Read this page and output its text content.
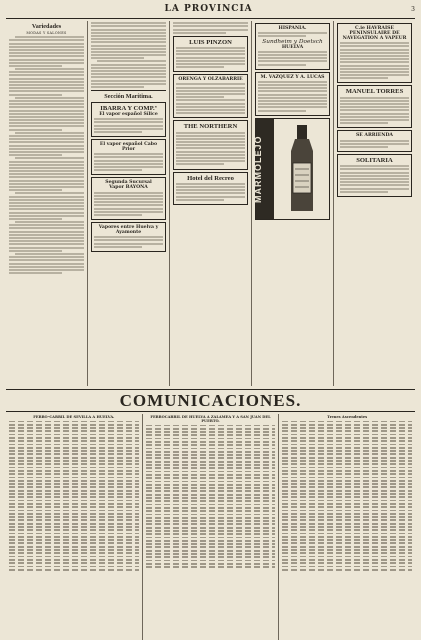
LA PROVINCIA	3
Variedades
MODAS Y SALONES
Sección Marítima.
IBARRA Y COMP.ª
El vapor español Sílice
El vapor español Cabo Prior
Segunda Sucursal
Vapor BAYONA
Vapores entre Huelva y Ayamonte
LUIS PINZON
ORENGA Y OLZABARRIE
THE NORTHERN
Hotel del Recreo
HISPANIA.
Sundheim y Doetsch
HUELVA
M. VAZQUEZ Y A. LUCAS
MARMOLEJO
C.ie HAVRAISE PENINSULAIRE DE NAVEGATION A VAPEUR
MANUEL TORRES
SE ARRIENDA
SOLITARIA
COMUNICACIONES.
FERRO-CARRIL DE SEVILLA A HUELVA.	FERROCARRIL DE HUELVA A ZALAMEA Y A SAN JUAN DEL PUERTO.
Trenes Ascendentes
